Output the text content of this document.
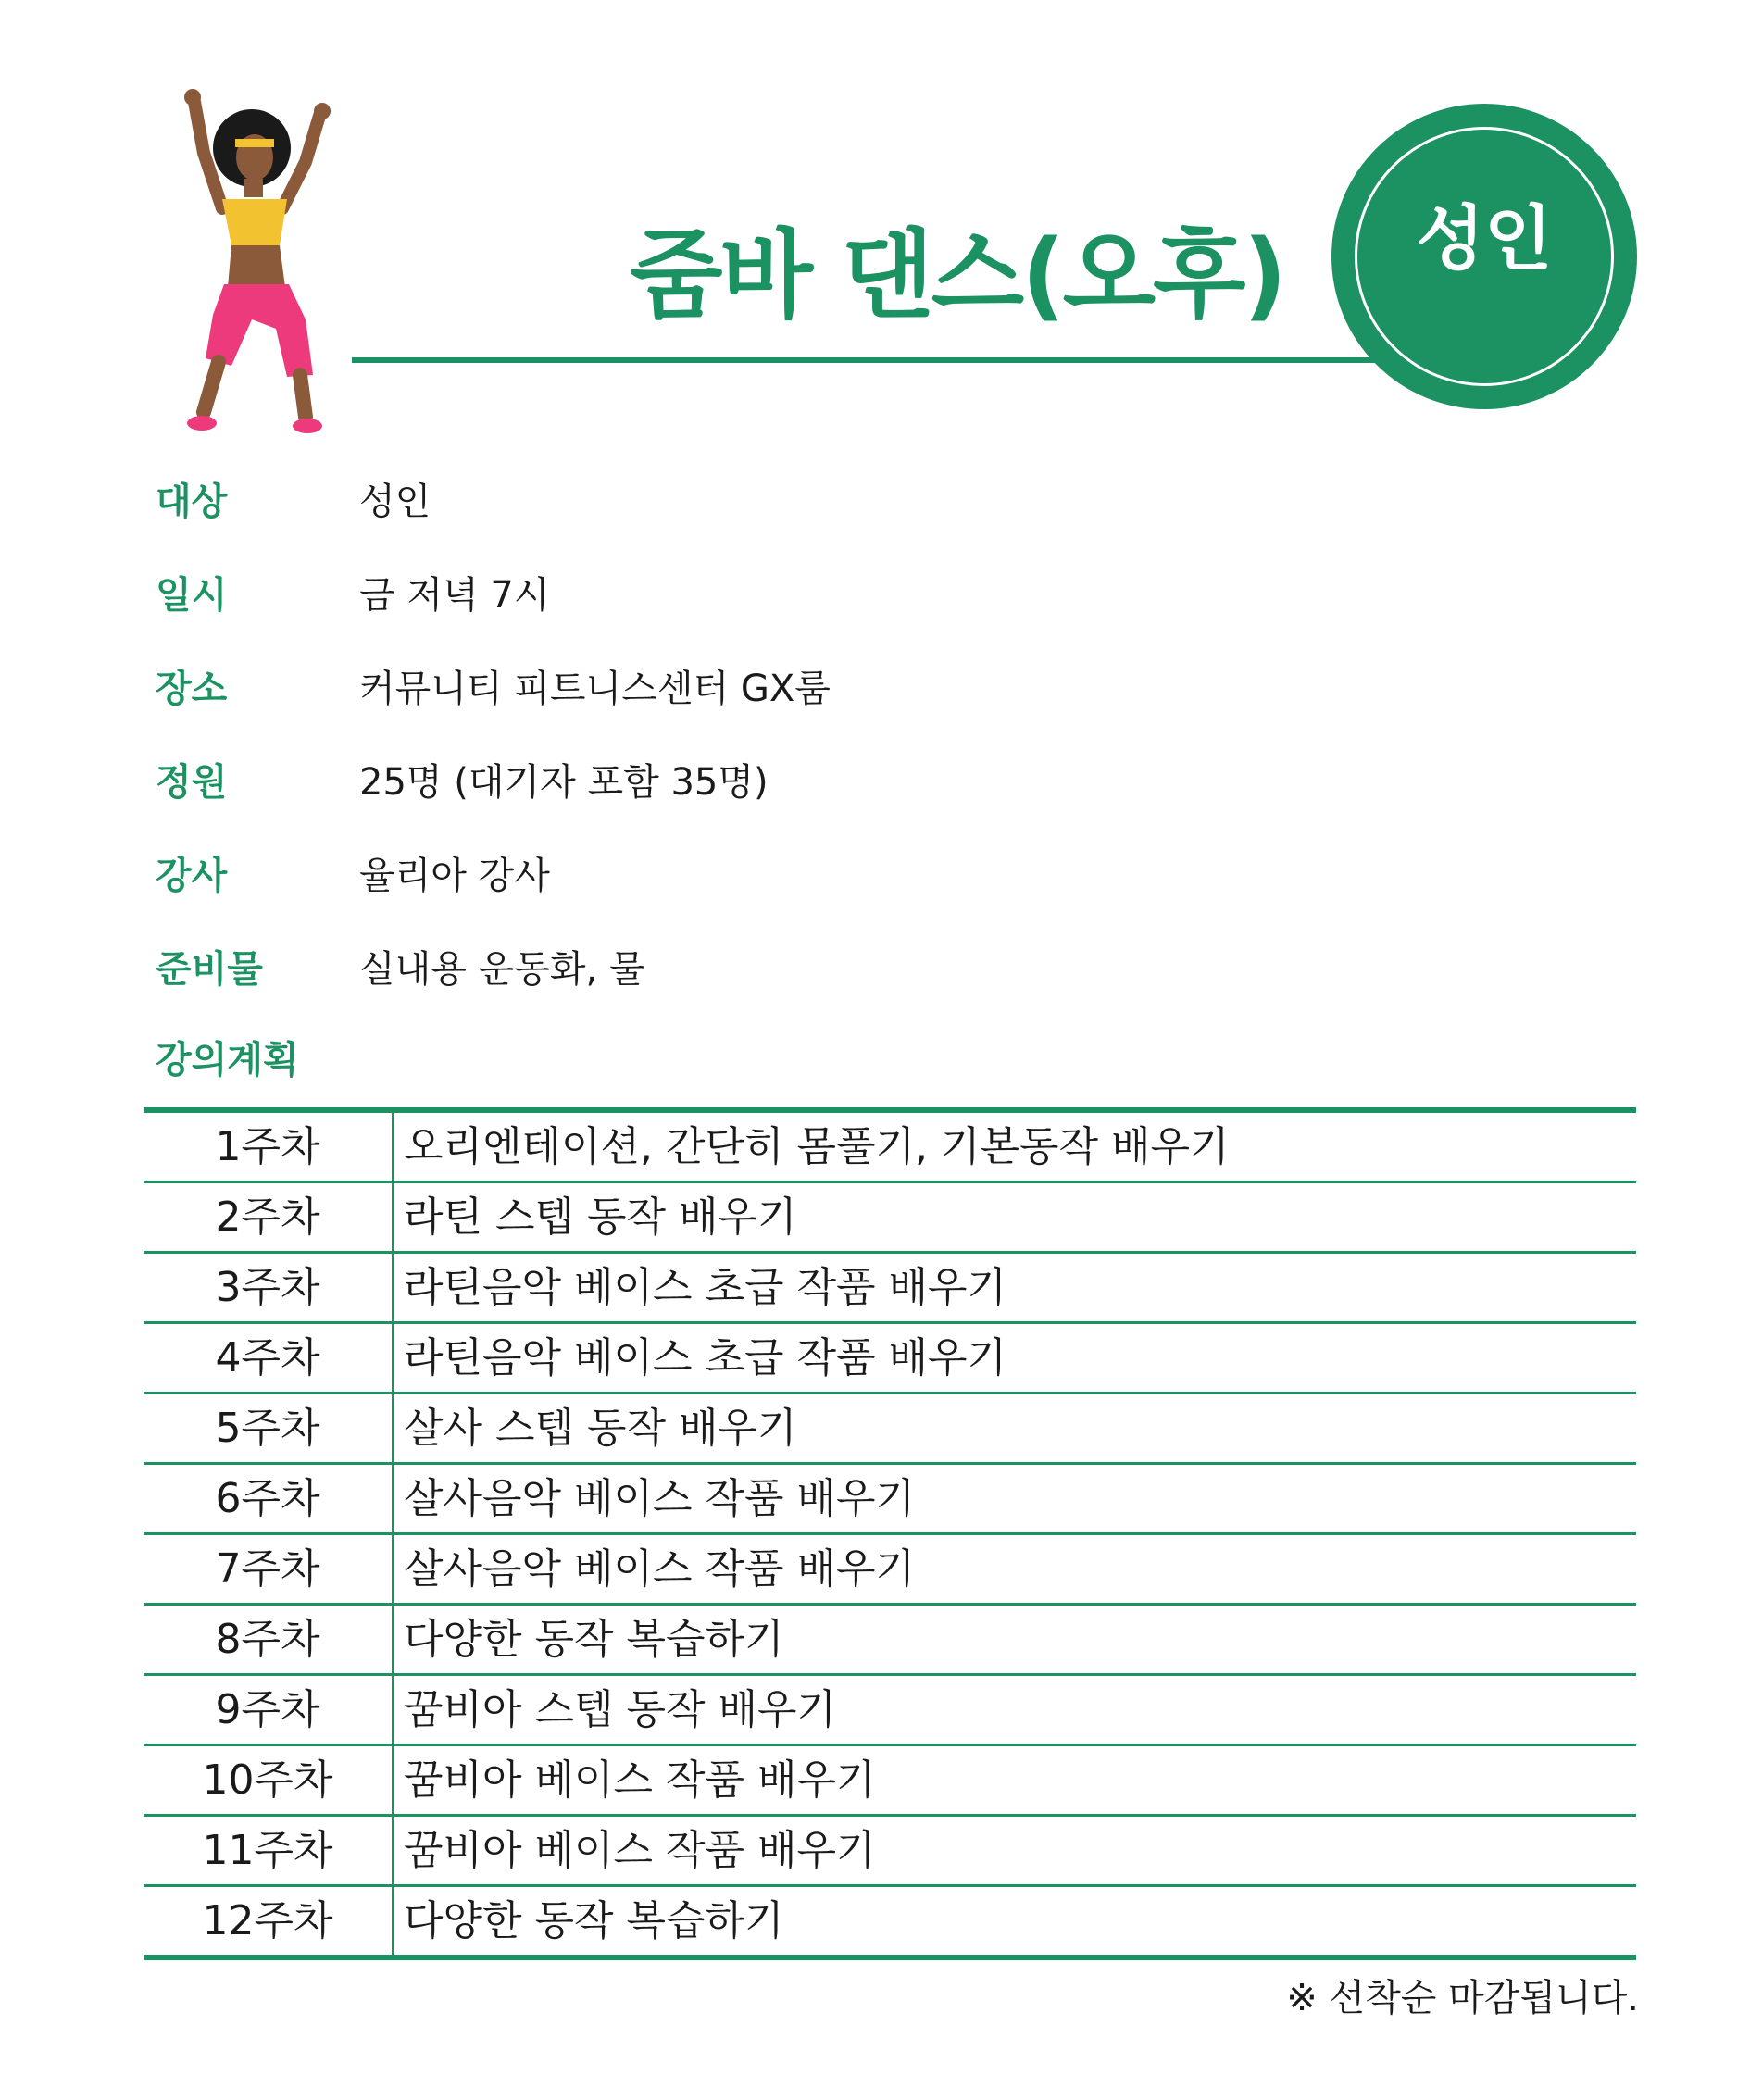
줌바 댄스(오후)	성인
대상	성인
일시	금 저녁 7시
장소	커뮤니티 피트니스센터 GX룸
정원	25명 (대기자 포함 35명)
강사	율리아 강사
준비물	실내용 운동화, 물
강의계획
1주차	오리엔테이션, 간단히 몸풀기, 기본동작 배우기
2주차	라틴 스텝 동작 배우기
3주차	라틴음악 베이스 초급 작품 배우기
4주차	라틴음악 베이스 초급 작품 배우기
5주차	살사 스텝 동작 배우기
6주차	살사음악 베이스 작품 배우기
7주차	살사음악 베이스 작품 배우기
8주차	다양한 동작 복습하기
9주차	꿈비아 스텝 동작 배우기
10주차	꿈비아 베이스 작품 배우기
11주차	꿈비아 베이스 작품 배우기
12주차	다양한 동작 복습하기
※ 선착순 마감됩니다.
